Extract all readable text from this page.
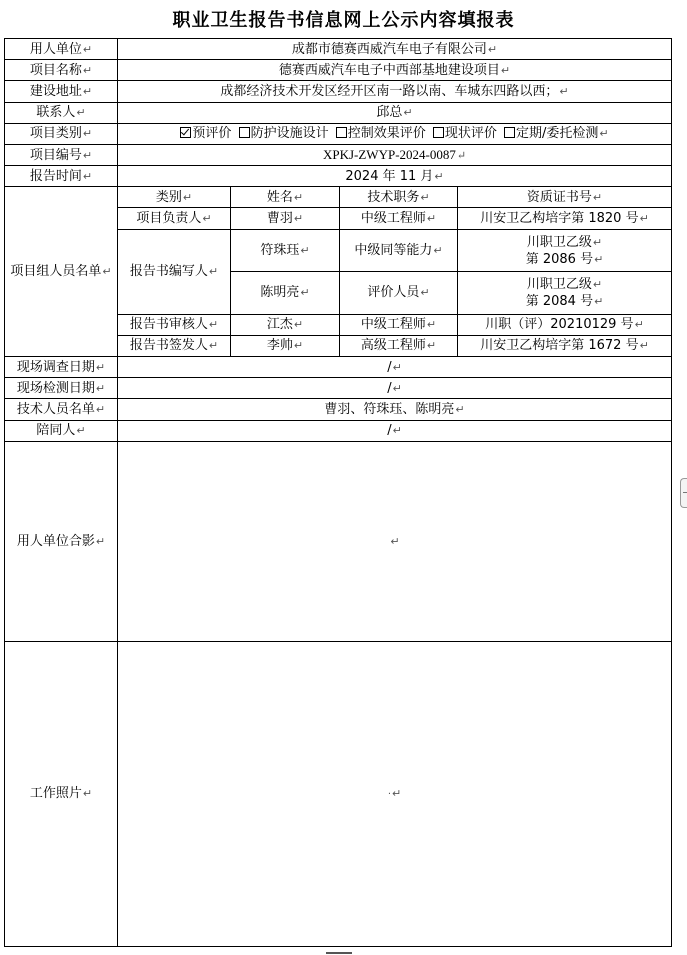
职业卫生报告书信息网上公示内容填报表
用人单位↵	成都市德赛西威汽车电子有限公司↵			
项目名称↵	德赛西威汽车电子中西部基地建设项目↵			
建设地址↵	成都经济技术开发区经开区南一路以南、车城东四路以西；↵			
联系人↵	邱总↵			
项目类别↵	预评价 防护设施设计 控制效果评价 现状评价 定期/委托检测↵			
项目编号↵	XPKJ-ZWYP-2024-0087↵			
报告时间↵	2024 年 11 月↵			
项目组人员名单↵	类别↵	姓名↵	技术职务↵	资质证书号↵
	项目负责人↵	曹羽↵	中级工程师↵	川安卫乙构培字第 1820 号↵
	报告书编写人↵	符珠珏↵	中级同等能力↵	川职卫乙级↵
第 2086 号↵

		陈明亮↵	评价人员↵	川职卫乙级↵
第 2084 号↵

	报告书审核人↵	江杰↵	中级工程师↵	川职（评）20210129 号↵
	报告书签发人↵	李帅↵	高级工程师↵	川安卫乙构培字第 1672 号↵
现场调查日期↵	/↵			
现场检测日期↵	/↵			
技术人员名单↵	曹羽、符珠珏、陈明亮↵			
陪同人↵	/↵			
用人单位合影↵	↵			
工作照片↵	·↵			
